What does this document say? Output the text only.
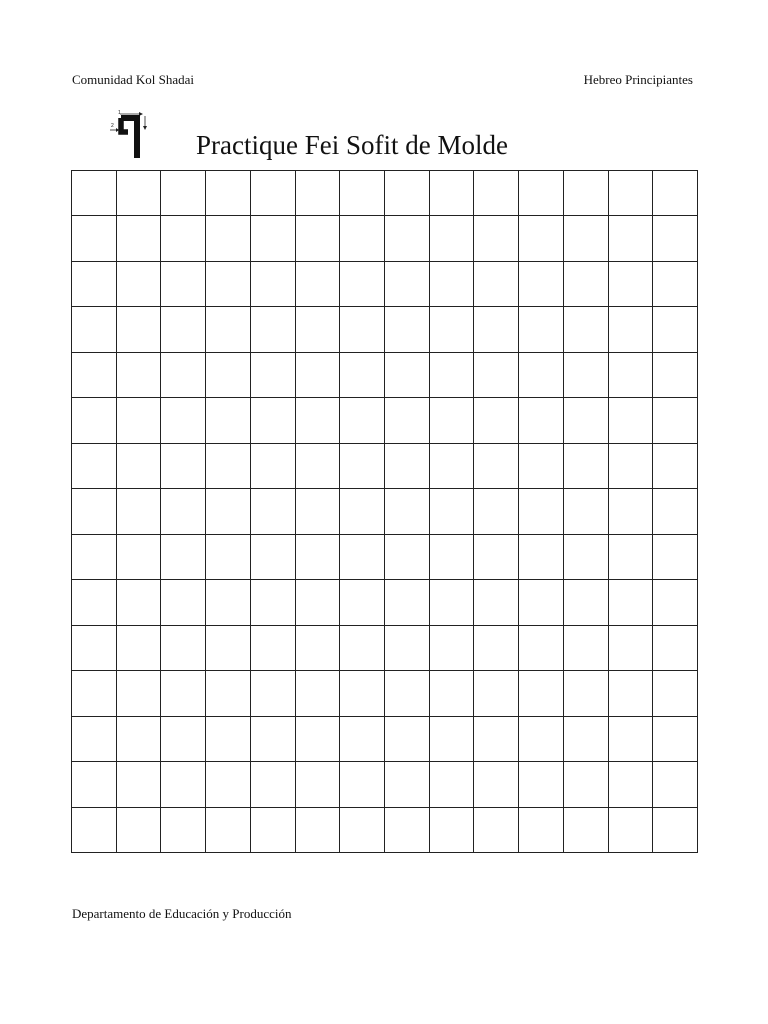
Comunidad Kol Shadai	Hebreo Principiantes
1
2
Practique Fei Sofit de Molde
Departamento de Educación y Producción
